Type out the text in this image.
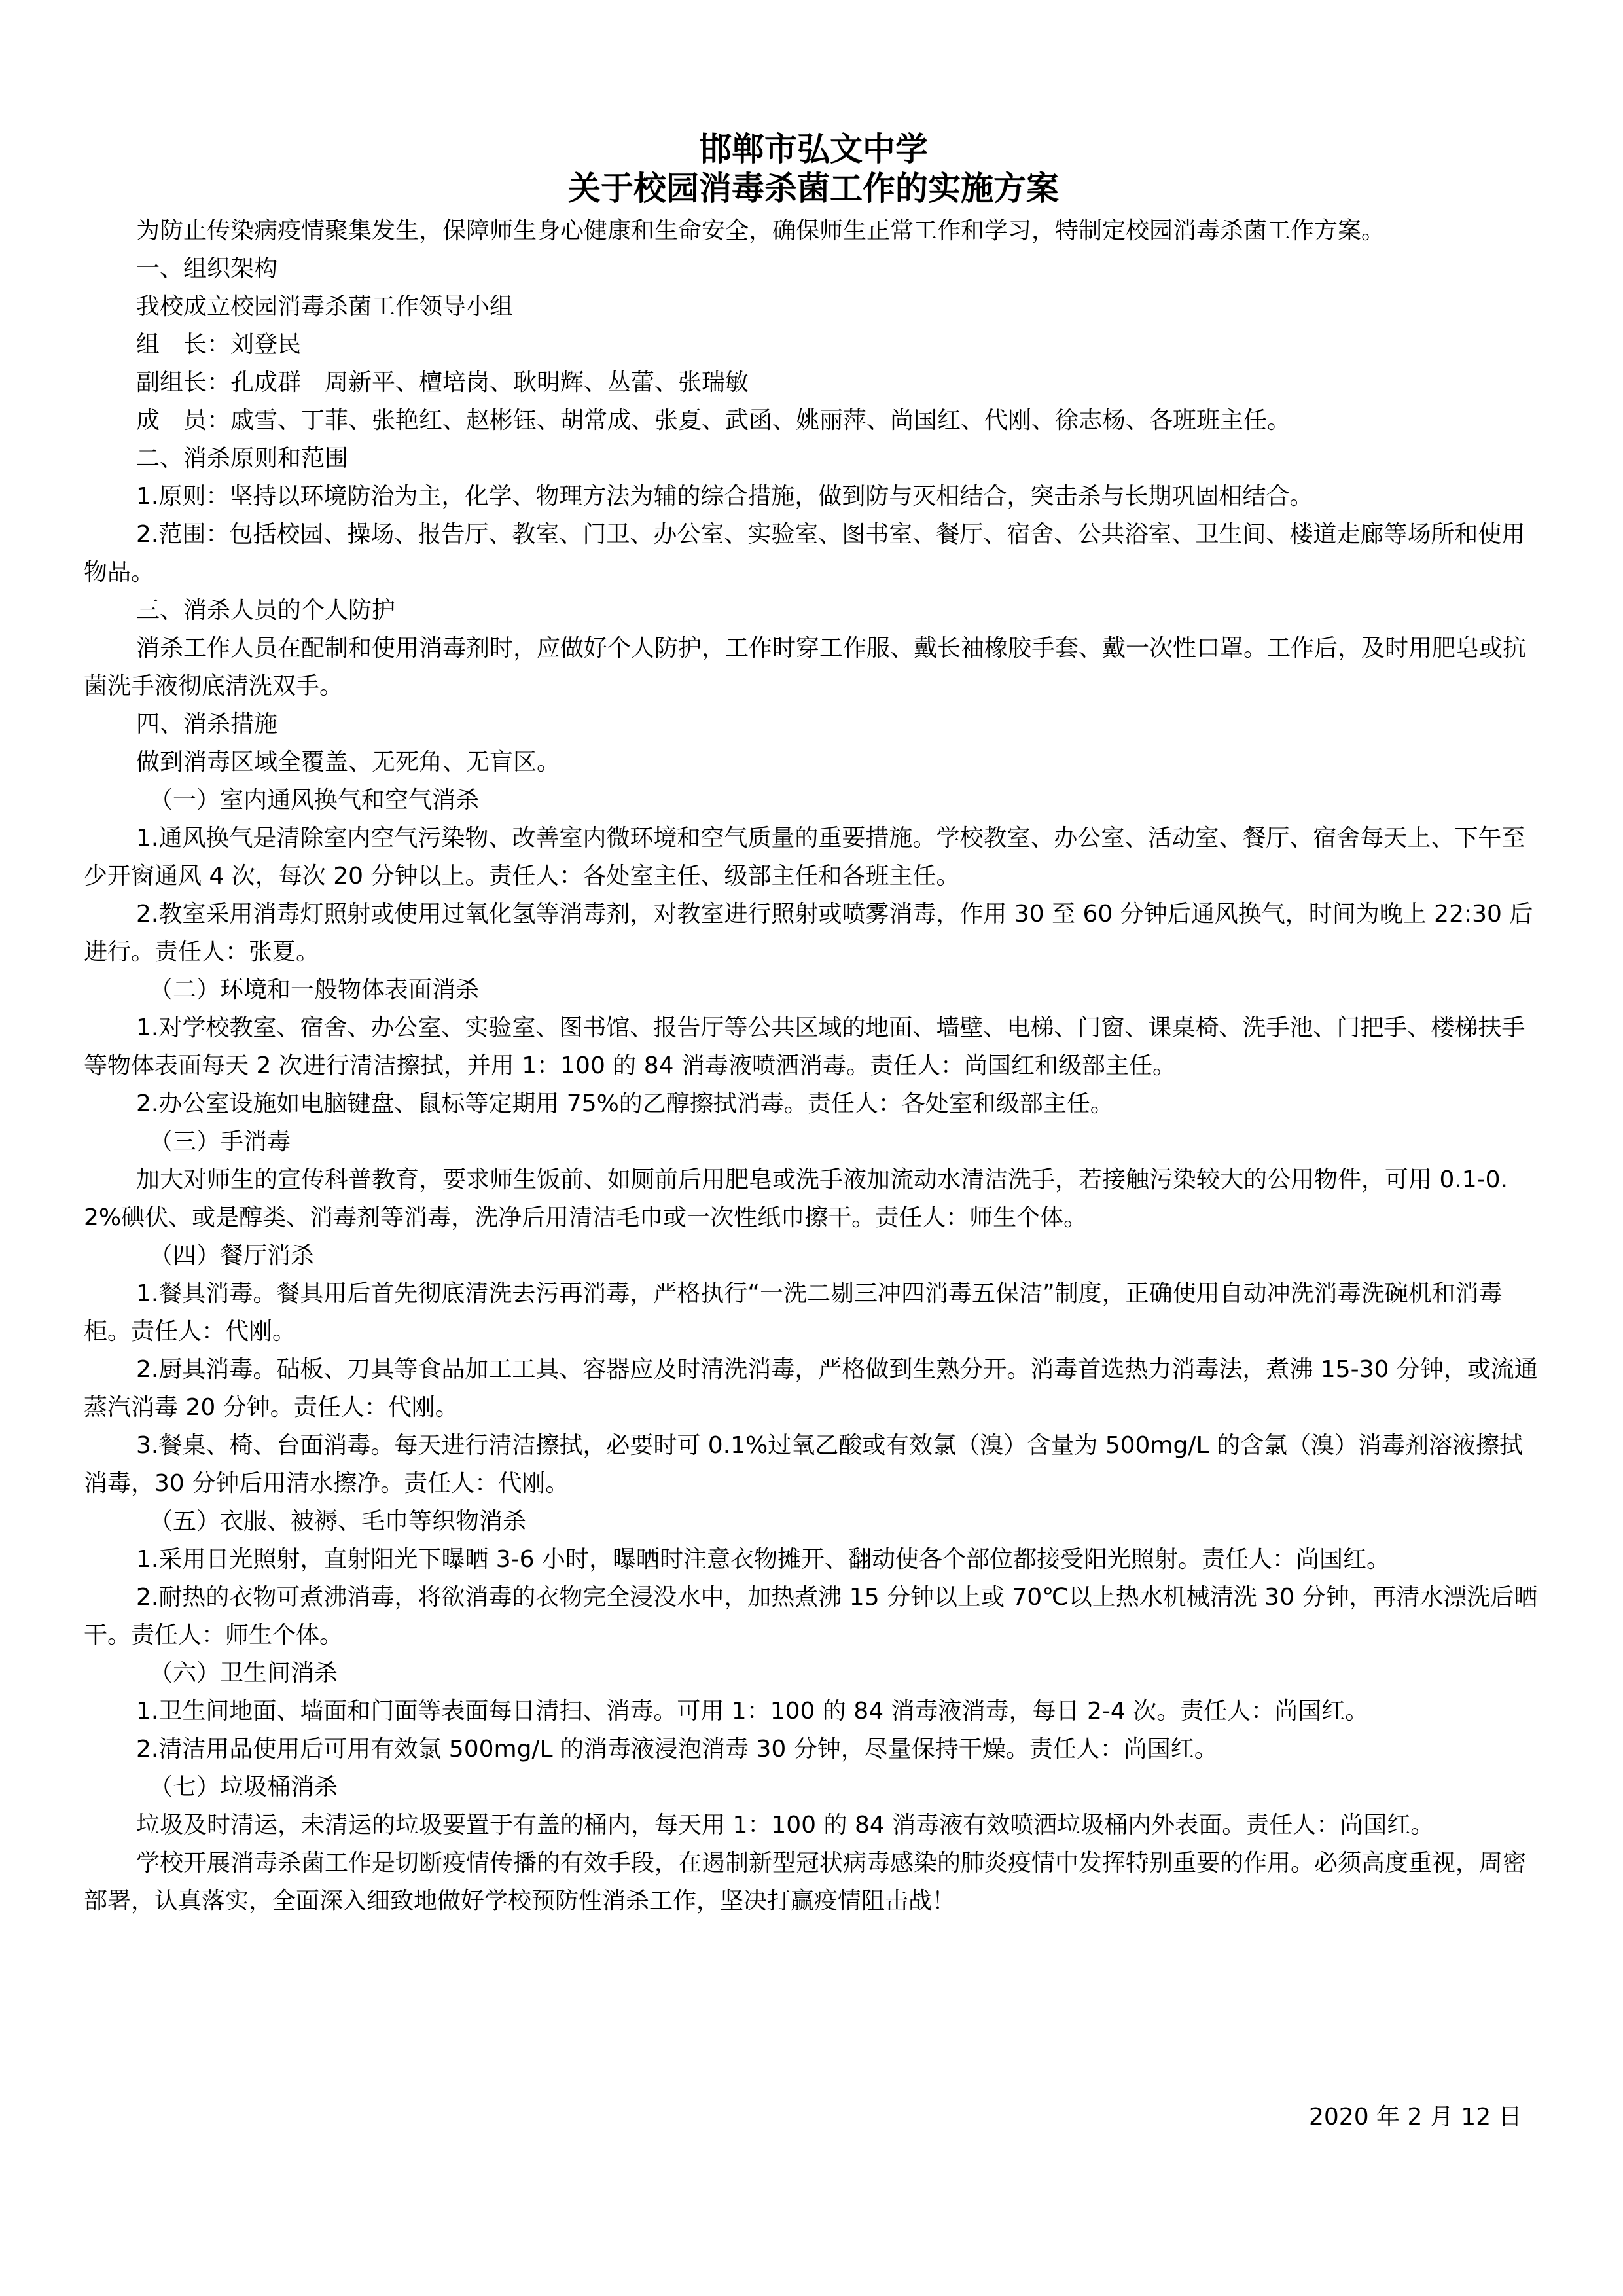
邯郸市弘文中学
关于校园消毒杀菌工作的实施方案

为防止传染病疫情聚集发生，保障师生身心健康和生命安全，确保师生正常工作和学习，特制定校园消毒杀菌工作方案。

一、组织架构

我校成立校园消毒杀菌工作领导小组

组　长：刘登民

副组长：孔成群　周新平、檀培岗、耿明辉、丛蕾、张瑞敏

成　员：戚雪、丁菲、张艳红、赵彬钰、胡常成、张夏、武函、姚丽萍、尚国红、代刚、徐志杨、各班班主任。

二、消杀原则和范围

1.原则：坚持以环境防治为主，化学、物理方法为辅的综合措施，做到防与灭相结合，突击杀与长期巩固相结合。

2.范围：包括校园、操场、报告厅、教室、门卫、办公室、实验室、图书室、餐厅、宿舍、公共浴室、卫生间、楼道走廊等场所和使用物品。

三、消杀人员的个人防护

消杀工作人员在配制和使用消毒剂时，应做好个人防护，工作时穿工作服、戴长袖橡胶手套、戴一次性口罩。工作后，及时用肥皂或抗菌洗手液彻底清洗双手。

四、消杀措施

做到消毒区域全覆盖、无死角、无盲区。

（一）室内通风换气和空气消杀

1.通风换气是清除室内空气污染物、改善室内微环境和空气质量的重要措施。学校教室、办公室、活动室、餐厅、宿舍每天上、下午至少开窗通风 4 次，每次 20 分钟以上。责任人：各处室主任、级部主任和各班主任。

2.教室采用消毒灯照射或使用过氧化氢等消毒剂，对教室进行照射或喷雾消毒，作用 30 至 60 分钟后通风换气，时间为晚上 22:30 后进行。责任人：张夏。

（二）环境和一般物体表面消杀

1.对学校教室、宿舍、办公室、实验室、图书馆、报告厅等公共区域的地面、墙壁、电梯、门窗、课桌椅、洗手池、门把手、楼梯扶手等物体表面每天 2 次进行清洁擦拭，并用 1：100 的 84 消毒液喷洒消毒。责任人：尚国红和级部主任。

2.办公室设施如电脑键盘、鼠标等定期用 75%的乙醇擦拭消毒。责任人：各处室和级部主任。

（三）手消毒

加大对师生的宣传科普教育，要求师生饭前、如厕前后用肥皂或洗手液加流动水清洁洗手，若接触污染较大的公用物件，可用 0.1-0.2%碘伏、或是醇类、消毒剂等消毒，洗净后用清洁毛巾或一次性纸巾擦干。责任人：师生个体。

（四）餐厅消杀

1.餐具消毒。餐具用后首先彻底清洗去污再消毒，严格执行“一洗二剔三冲四消毒五保洁”制度，正确使用自动冲洗消毒洗碗机和消毒柜。责任人：代刚。

2.厨具消毒。砧板、刀具等食品加工工具、容器应及时清洗消毒，严格做到生熟分开。消毒首选热力消毒法，煮沸 15-30 分钟，或流通蒸汽消毒 20 分钟。责任人：代刚。

3.餐桌、椅、台面消毒。每天进行清洁擦拭，必要时可 0.1%过氧乙酸或有效氯（溴）含量为 500mg/L 的含氯（溴）消毒剂溶液擦拭消毒，30 分钟后用清水擦净。责任人：代刚。

（五）衣服、被褥、毛巾等织物消杀

1.采用日光照射，直射阳光下曝晒 3-6 小时，曝晒时注意衣物摊开、翻动使各个部位都接受阳光照射。责任人：尚国红。

2.耐热的衣物可煮沸消毒，将欲消毒的衣物完全浸没水中，加热煮沸 15 分钟以上或 70℃以上热水机械清洗 30 分钟，再清水漂洗后晒干。责任人：师生个体。

（六）卫生间消杀

1.卫生间地面、墙面和门面等表面每日清扫、消毒。可用 1：100 的 84 消毒液消毒，每日 2-4 次。责任人：尚国红。

2.清洁用品使用后可用有效氯 500mg/L 的消毒液浸泡消毒 30 分钟，尽量保持干燥。责任人：尚国红。

（七）垃圾桶消杀

垃圾及时清运，未清运的垃圾要置于有盖的桶内，每天用 1：100 的 84 消毒液有效喷洒垃圾桶内外表面。责任人：尚国红。

学校开展消毒杀菌工作是切断疫情传播的有效手段，在遏制新型冠状病毒感染的肺炎疫情中发挥特别重要的作用。必须高度重视，周密部署，认真落实，全面深入细致地做好学校预防性消杀工作，坚决打赢疫情阻击战！

2020 年 2 月 12 日
